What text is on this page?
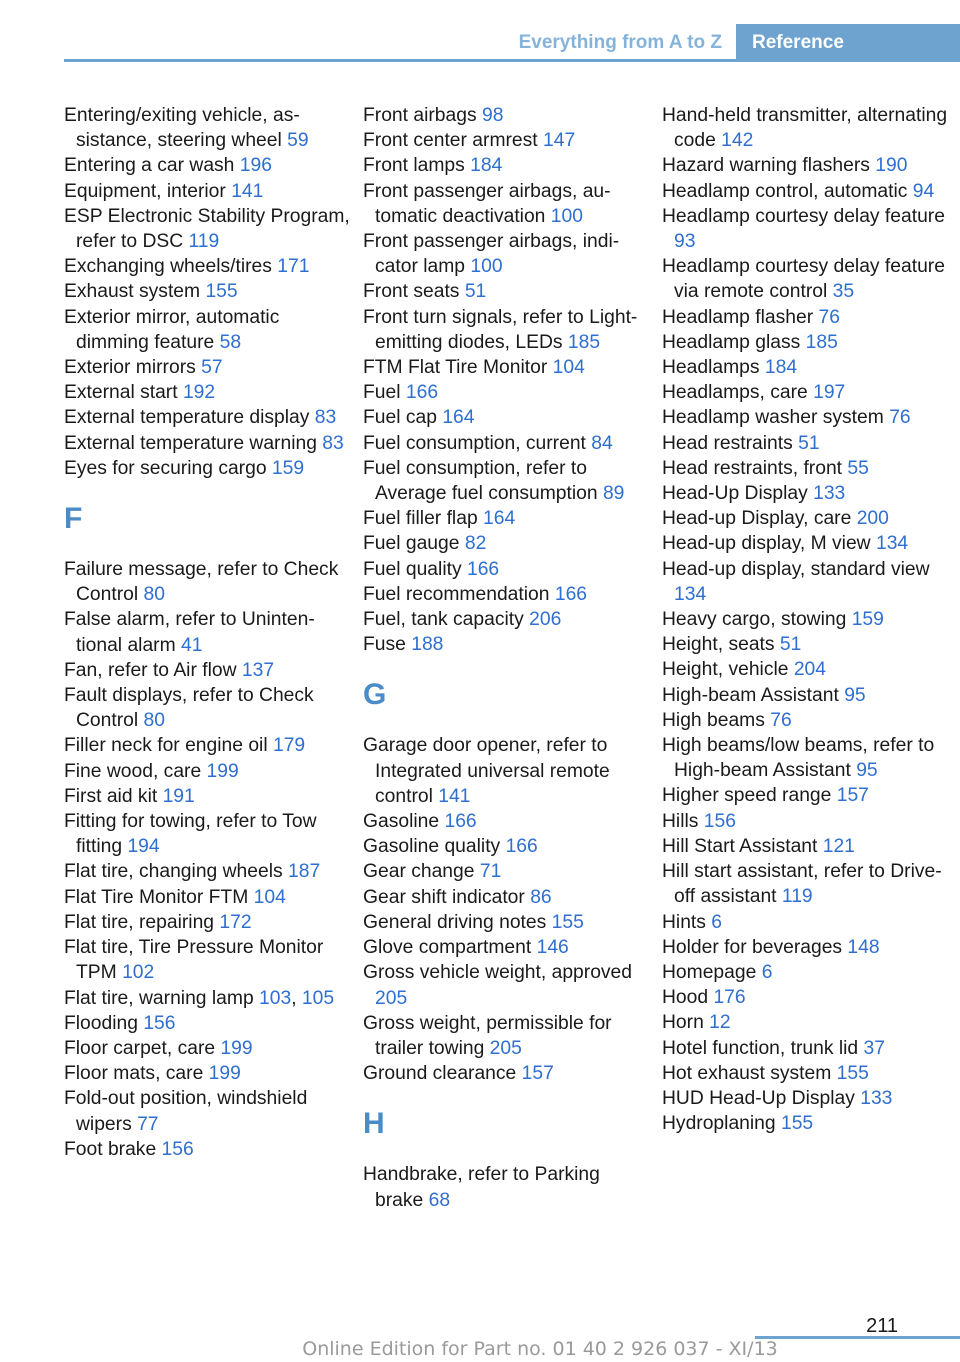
Everything from A to Z	Reference
Entering/exiting vehicle, assistance, steering wheel 59
Entering a car wash 196
Equipment, interior 141
ESP Electronic Stability Program, refer to DSC 119
Exchanging wheels/tires 171
Exhaust system 155
Exterior mirror, automatic dimming feature 58
Exterior mirrors 57
External start 192
External temperature display 83
External temperature warning 83
Eyes for securing cargo 159
F
Failure message, refer to Check Control 80
False alarm, refer to Unintentional alarm 41
Fan, refer to Air flow 137
Fault displays, refer to Check Control 80
Filler neck for engine oil 179
Fine wood, care 199
First aid kit 191
Fitting for towing, refer to Tow fitting 194
Flat tire, changing wheels 187
Flat Tire Monitor FTM 104
Flat tire, repairing 172
Flat tire, Tire Pressure Monitor TPM 102
Flat tire, warning lamp 103, 105
Flooding 156
Floor carpet, care 199
Floor mats, care 199
Fold-out position, windshield wipers 77
Foot brake 156
Front airbags 98
Front center armrest 147
Front lamps 184
Front passenger airbags, automatic deactivation 100
Front passenger airbags, indicator lamp 100
Front seats 51
Front turn signals, refer to Light-emitting diodes, LEDs 185
FTM Flat Tire Monitor 104
Fuel 166
Fuel cap 164
Fuel consumption, current 84
Fuel consumption, refer to Average fuel consumption 89
Fuel filler flap 164
Fuel gauge 82
Fuel quality 166
Fuel recommendation 166
Fuel, tank capacity 206
Fuse 188
G
Garage door opener, refer to Integrated universal remote control 141
Gasoline 166
Gasoline quality 166
Gear change 71
Gear shift indicator 86
General driving notes 155
Glove compartment 146
Gross vehicle weight, approved 205
Gross weight, permissible for trailer towing 205
Ground clearance 157
H
Handbrake, refer to Parking brake 68
Hand-held transmitter, alternating code 142
Hazard warning flashers 190
Headlamp control, automatic 94
Headlamp courtesy delay feature 93
Headlamp courtesy delay feature via remote control 35
Headlamp flasher 76
Headlamp glass 185
Headlamps 184
Headlamps, care 197
Headlamp washer system 76
Head restraints 51
Head restraints, front 55
Head-Up Display 133
Head-up Display, care 200
Head-up display, M view 134
Head-up display, standard view 134
Heavy cargo, stowing 159
Height, seats 51
Height, vehicle 204
High-beam Assistant 95
High beams 76
High beams/low beams, refer to High-beam Assistant 95
Higher speed range 157
Hills 156
Hill Start Assistant 121
Hill start assistant, refer to Drive-off assistant 119
Hints 6
Holder for beverages 148
Homepage 6
Hood 176
Horn 12
Hotel function, trunk lid 37
Hot exhaust system 155
HUD Head-Up Display 133
Hydroplaning 155
211
Online Edition for Part no. 01 40 2 926 037 - XI/13
